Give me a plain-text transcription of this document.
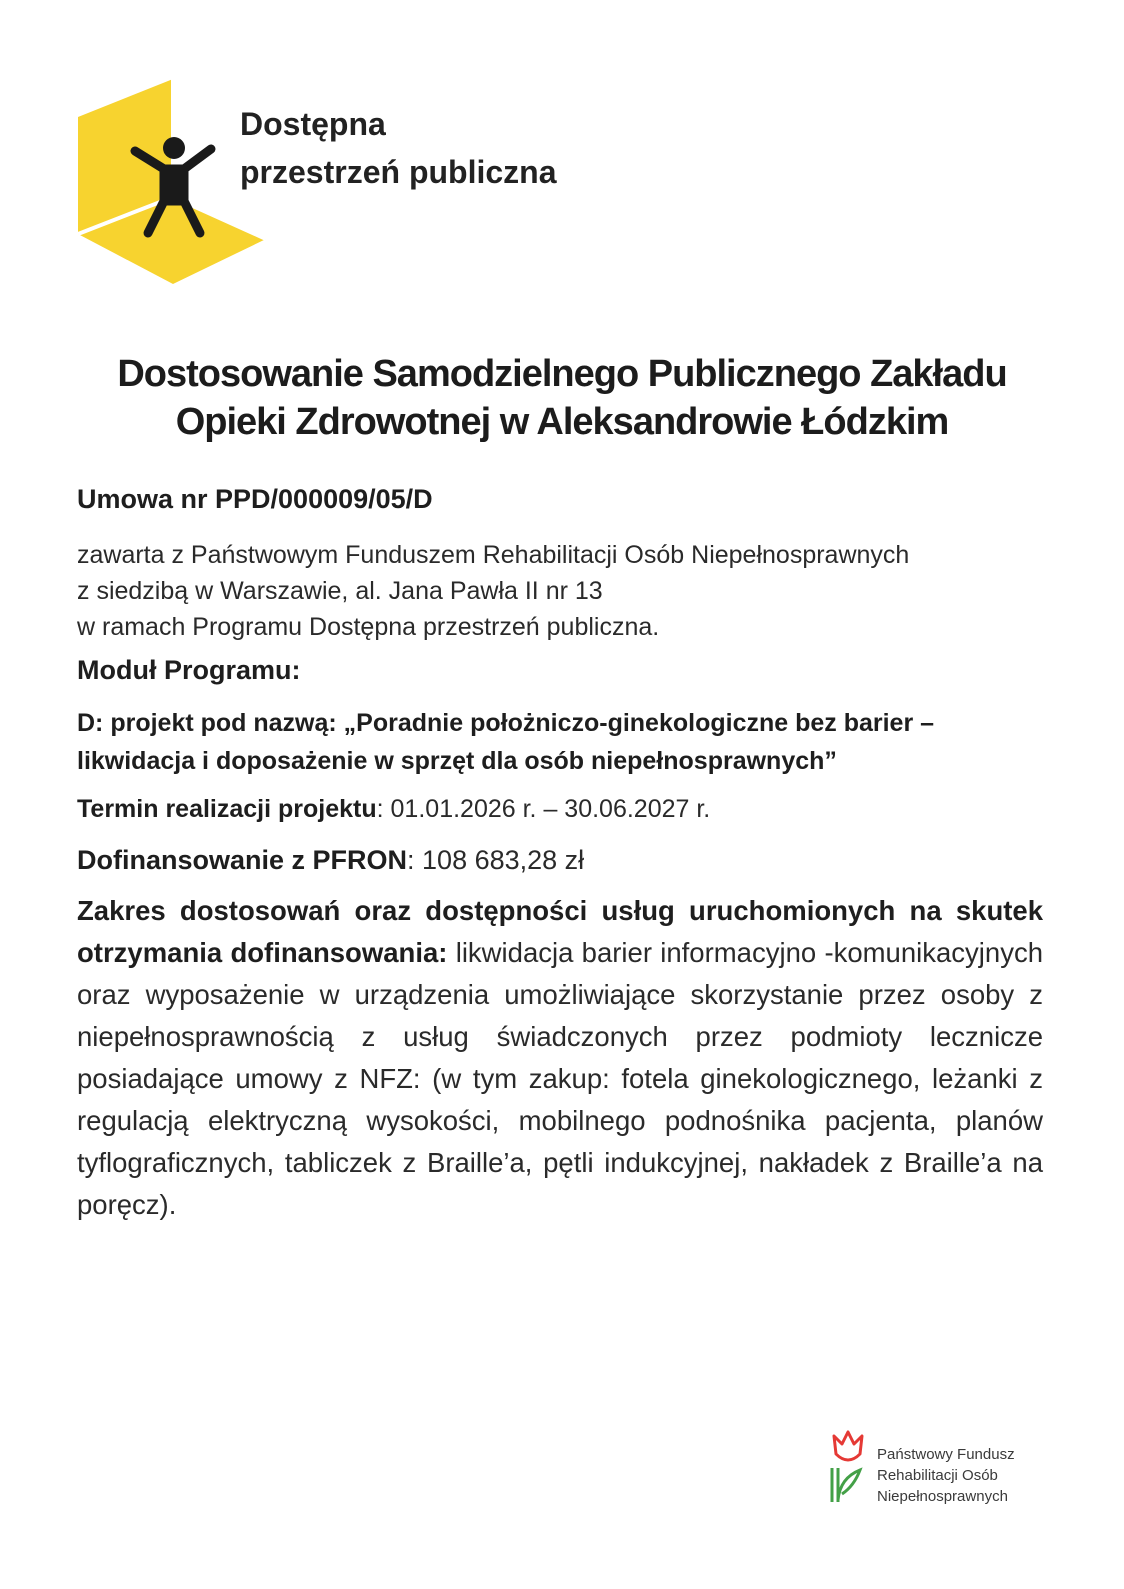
Dostępna
przestrzeń publiczna
Dostosowanie Samodzielnego Publicznego Zakładu
Opieki Zdrowotnej w Aleksandrowie Łódzkim
Umowa nr PPD/000009/05/D
zawarta z Państwowym Funduszem Rehabilitacji Osób Niepełnosprawnych
z siedzibą w Warszawie, al. Jana Pawła II nr 13
w ramach Programu Dostępna przestrzeń publiczna.
Moduł Programu:
D: projekt pod nazwą: „Poradnie położniczo-ginekologiczne bez barier –
likwidacja i doposażenie w sprzęt dla osób niepełnosprawnych”
Termin realizacji projektu: 01.01.2026 r. – 30.06.2027 r.
Dofinansowanie z PFRON: 108 683,28 zł

Zakres dostosowań oraz dostępności usług uruchomionych na skutek otrzymania dofinansowania: likwidacja barier informacyjno -komunikacyjnych oraz wyposażenie w urządzenia umożliwiające skorzystanie przez osoby z niepełnosprawnością z usług świadczonych przez podmioty lecznicze posiadające umowy z NFZ: (w tym zakup: fotela ginekologicznego, leżanki z regulacją elektryczną wysokości, mobilnego podnośnika pacjenta, planów tyflograficznych, tabliczek z Braille’a, pętli indukcyjnej, nakładek z Braille’a na poręcz).

Państwowy Fundusz
Rehabilitacji Osób
Niepełnosprawnych
